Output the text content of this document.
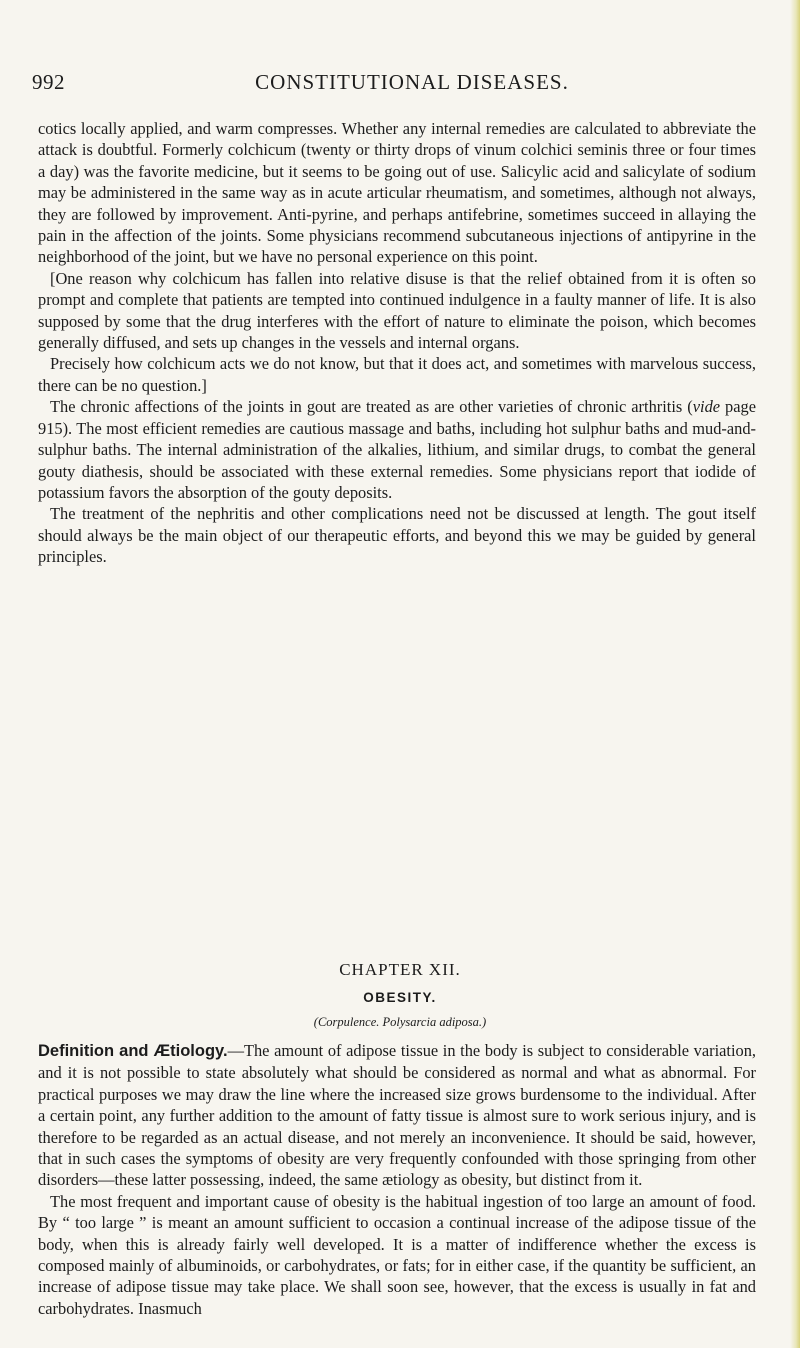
992	CONSTITUTIONAL DISEASES.

cotics locally applied, and warm compresses. Whether any internal remedies are calculated to abbreviate the attack is doubtful. Formerly colchicum (twenty or thirty drops of vinum colchici seminis three or four times a day) was the favorite medicine, but it seems to be going out of use. Salicylic acid and salicylate of sodium may be administered in the same way as in acute articular rheumatism, and sometimes, although not always, they are followed by improvement. Anti-pyrine, and perhaps antifebrine, sometimes succeed in allaying the pain in the affection of the joints. Some physicians recommend subcutaneous injections of antipyrine in the neighborhood of the joint, but we have no personal experience on this point.

[One reason why colchicum has fallen into relative disuse is that the relief obtained from it is often so prompt and complete that patients are tempted into continued indulgence in a faulty manner of life. It is also supposed by some that the drug interferes with the effort of nature to eliminate the poison, which becomes generally diffused, and sets up changes in the vessels and internal organs.

Precisely how colchicum acts we do not know, but that it does act, and sometimes with marvelous success, there can be no question.]

The chronic affections of the joints in gout are treated as are other varieties of chronic arthritis (vide page 915). The most efficient remedies are cautious massage and baths, including hot sulphur baths and mud-and-sulphur baths. The internal administration of the alkalies, lithium, and similar drugs, to combat the general gouty diathesis, should be associated with these external remedies. Some physicians report that iodide of potassium favors the absorption of the gouty deposits.

The treatment of the nephritis and other complications need not be discussed at length. The gout itself should always be the main object of our therapeutic efforts, and beyond this we may be guided by general principles.

CHAPTER XII.
OBESITY.
(Corpulence. Polysarcia adiposa.)

Definition and Ætiology.—The amount of adipose tissue in the body is subject to considerable variation, and it is not possible to state absolutely what should be considered as normal and what as abnormal. For practical purposes we may draw the line where the increased size grows burdensome to the individual. After a certain point, any further addition to the amount of fatty tissue is almost sure to work serious injury, and is therefore to be regarded as an actual disease, and not merely an inconvenience. It should be said, however, that in such cases the symptoms of obesity are very frequently confounded with those springing from other disorders—these latter possessing, indeed, the same ætiology as obesity, but distinct from it.

The most frequent and important cause of obesity is the habitual ingestion of too large an amount of food. By “ too large ” is meant an amount sufficient to occasion a continual increase of the adipose tissue of the body, when this is already fairly well developed. It is a matter of indifference whether the excess is composed mainly of albuminoids, or carbohydrates, or fats; for in either case, if the quantity be sufficient, an increase of adipose tissue may take place. We shall soon see, however, that the excess is usually in fat and carbohydrates. Inasmuch
